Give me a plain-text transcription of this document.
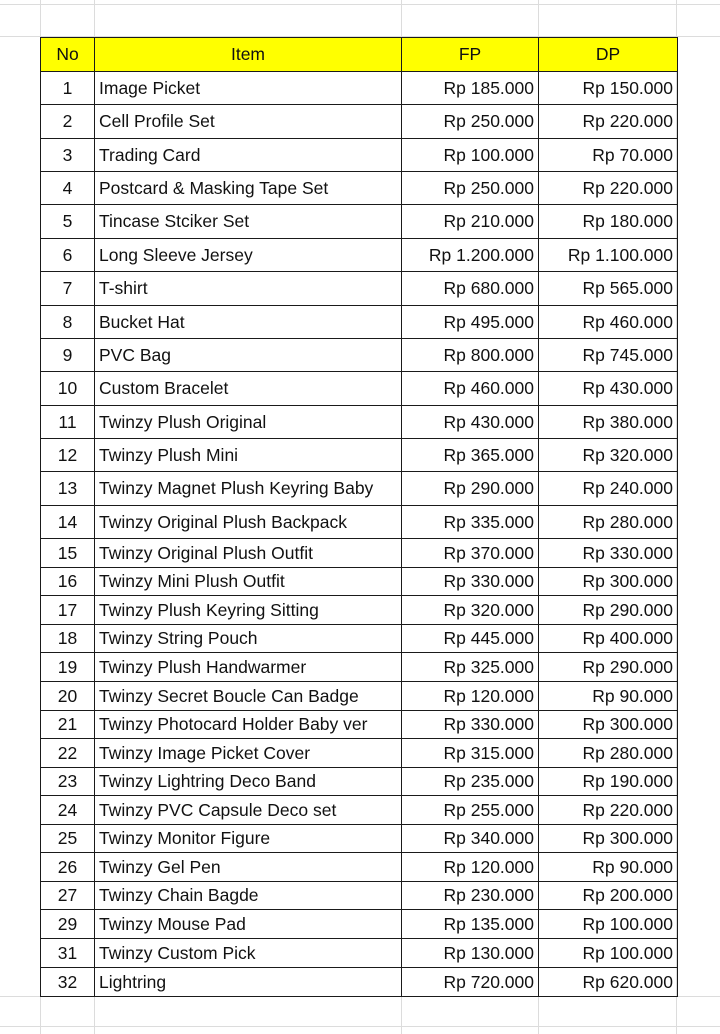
No	Item	FP	DP
1	Image Picket	Rp 185.000	Rp 150.000
2	Cell Profile Set	Rp 250.000	Rp 220.000
3	Trading Card	Rp 100.000	Rp 70.000
4	Postcard & Masking Tape Set	Rp 250.000	Rp 220.000
5	Tincase Stciker Set	Rp 210.000	Rp 180.000
6	Long Sleeve Jersey	Rp 1.200.000	Rp 1.100.000
7	T-shirt	Rp 680.000	Rp 565.000
8	Bucket Hat	Rp 495.000	Rp 460.000
9	PVC Bag	Rp 800.000	Rp 745.000
10	Custom Bracelet	Rp 460.000	Rp 430.000
11	Twinzy Plush Original	Rp 430.000	Rp 380.000
12	Twinzy Plush Mini	Rp 365.000	Rp 320.000
13	Twinzy Magnet Plush Keyring Baby	Rp 290.000	Rp 240.000
14	Twinzy Original Plush Backpack	Rp 335.000	Rp 280.000
15	Twinzy Original Plush Outfit	Rp 370.000	Rp 330.000
16	Twinzy Mini Plush Outfit	Rp 330.000	Rp 300.000
17	Twinzy Plush Keyring Sitting	Rp 320.000	Rp 290.000
18	Twinzy String Pouch	Rp 445.000	Rp 400.000
19	Twinzy Plush Handwarmer	Rp 325.000	Rp 290.000
20	Twinzy Secret Boucle Can Badge	Rp 120.000	Rp 90.000
21	Twinzy Photocard Holder Baby ver	Rp 330.000	Rp 300.000
22	Twinzy Image Picket Cover	Rp 315.000	Rp 280.000
23	Twinzy Lightring Deco Band	Rp 235.000	Rp 190.000
24	Twinzy PVC Capsule Deco set	Rp 255.000	Rp 220.000
25	Twinzy Monitor Figure	Rp 340.000	Rp 300.000
26	Twinzy Gel Pen	Rp 120.000	Rp 90.000
27	Twinzy Chain Bagde	Rp 230.000	Rp 200.000
29	Twinzy Mouse Pad	Rp 135.000	Rp 100.000
31	Twinzy Custom Pick	Rp 130.000	Rp 100.000
32	Lightring	Rp 720.000	Rp 620.000
